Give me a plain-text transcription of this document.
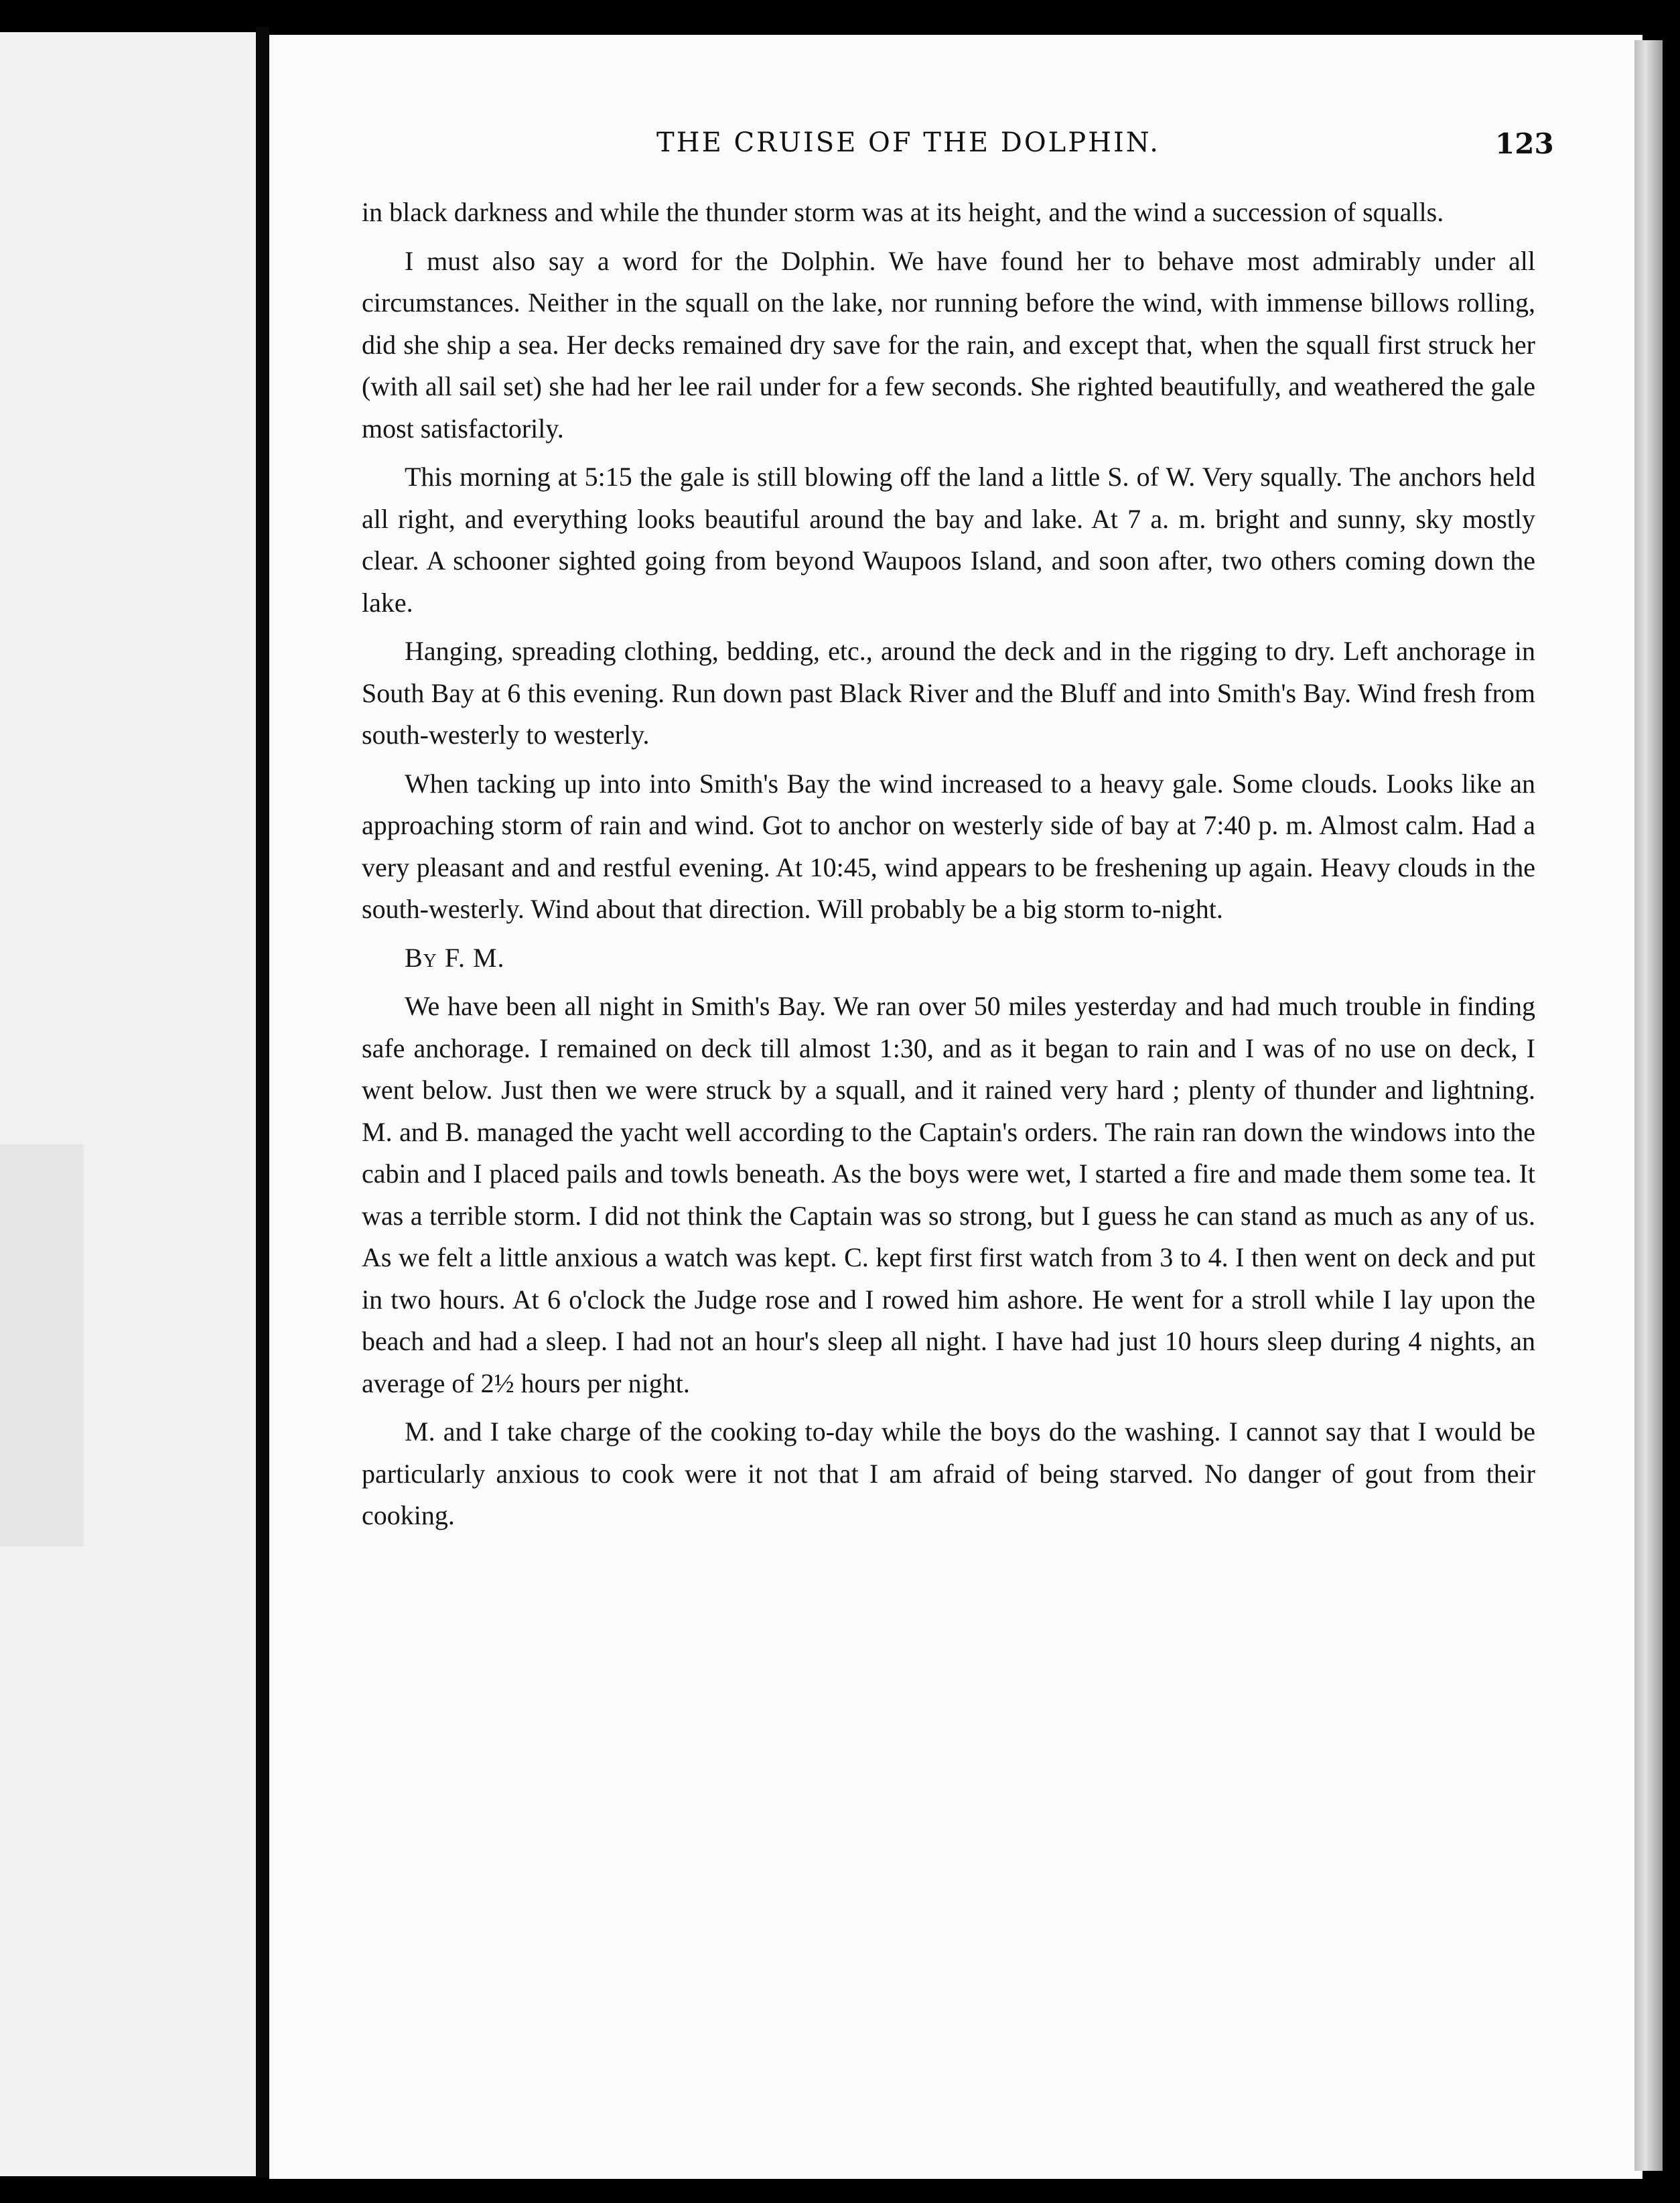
THE CRUISE OF THE DOLPHIN.	123

in black darkness and while the thunder storm was at its height, and the wind a succession of squalls.

I must also say a word for the Dolphin. We have found her to behave most admirably under all circumstances. Neither in the squall on the lake, nor running before the wind, with immense billows rolling, did she ship a sea. Her decks remained dry save for the rain, and except that, when the squall first struck her (with all sail set) she had her lee rail under for a few seconds. She righted beautifully, and weathered the gale most satisfactorily.

This morning at 5:15 the gale is still blowing off the land a little S. of W. Very squally. The anchors held all right, and everything looks beautiful around the bay and lake. At 7 a. m. bright and sunny, sky mostly clear. A schooner sighted going from beyond Waupoos Island, and soon after, two others coming down the lake.

Hanging, spreading clothing, bedding, etc., around the deck and in the rigging to dry. Left anchorage in South Bay at 6 this evening. Run down past Black River and the Bluff and into Smith's Bay. Wind fresh from south-westerly to westerly.

When tacking up into into Smith's Bay the wind increased to a heavy gale. Some clouds. Looks like an approaching storm of rain and wind. Got to anchor on westerly side of bay at 7:40 p. m. Almost calm. Had a very pleasant and and restful evening. At 10:45, wind appears to be freshening up again. Heavy clouds in the south-westerly. Wind about that direction. Will probably be a big storm to-night.

By F. M.

We have been all night in Smith's Bay. We ran over 50 miles yesterday and had much trouble in finding safe anchorage. I remained on deck till almost 1:30, and as it began to rain and I was of no use on deck, I went below. Just then we were struck by a squall, and it rained very hard ; plenty of thunder and lightning. M. and B. managed the yacht well according to the Captain's orders. The rain ran down the windows into the cabin and I placed pails and towls beneath. As the boys were wet, I started a fire and made them some tea. It was a terrible storm. I did not think the Captain was so strong, but I guess he can stand as much as any of us. As we felt a little anxious a watch was kept. C. kept first first watch from 3 to 4. I then went on deck and put in two hours. At 6 o'clock the Judge rose and I rowed him ashore. He went for a stroll while I lay upon the beach and had a sleep. I had not an hour's sleep all night. I have had just 10 hours sleep during 4 nights, an average of 2½ hours per night.

M. and I take charge of the cooking to-day while the boys do the washing. I cannot say that I would be particularly anxious to cook were it not that I am afraid of being starved. No danger of gout from their cooking.
